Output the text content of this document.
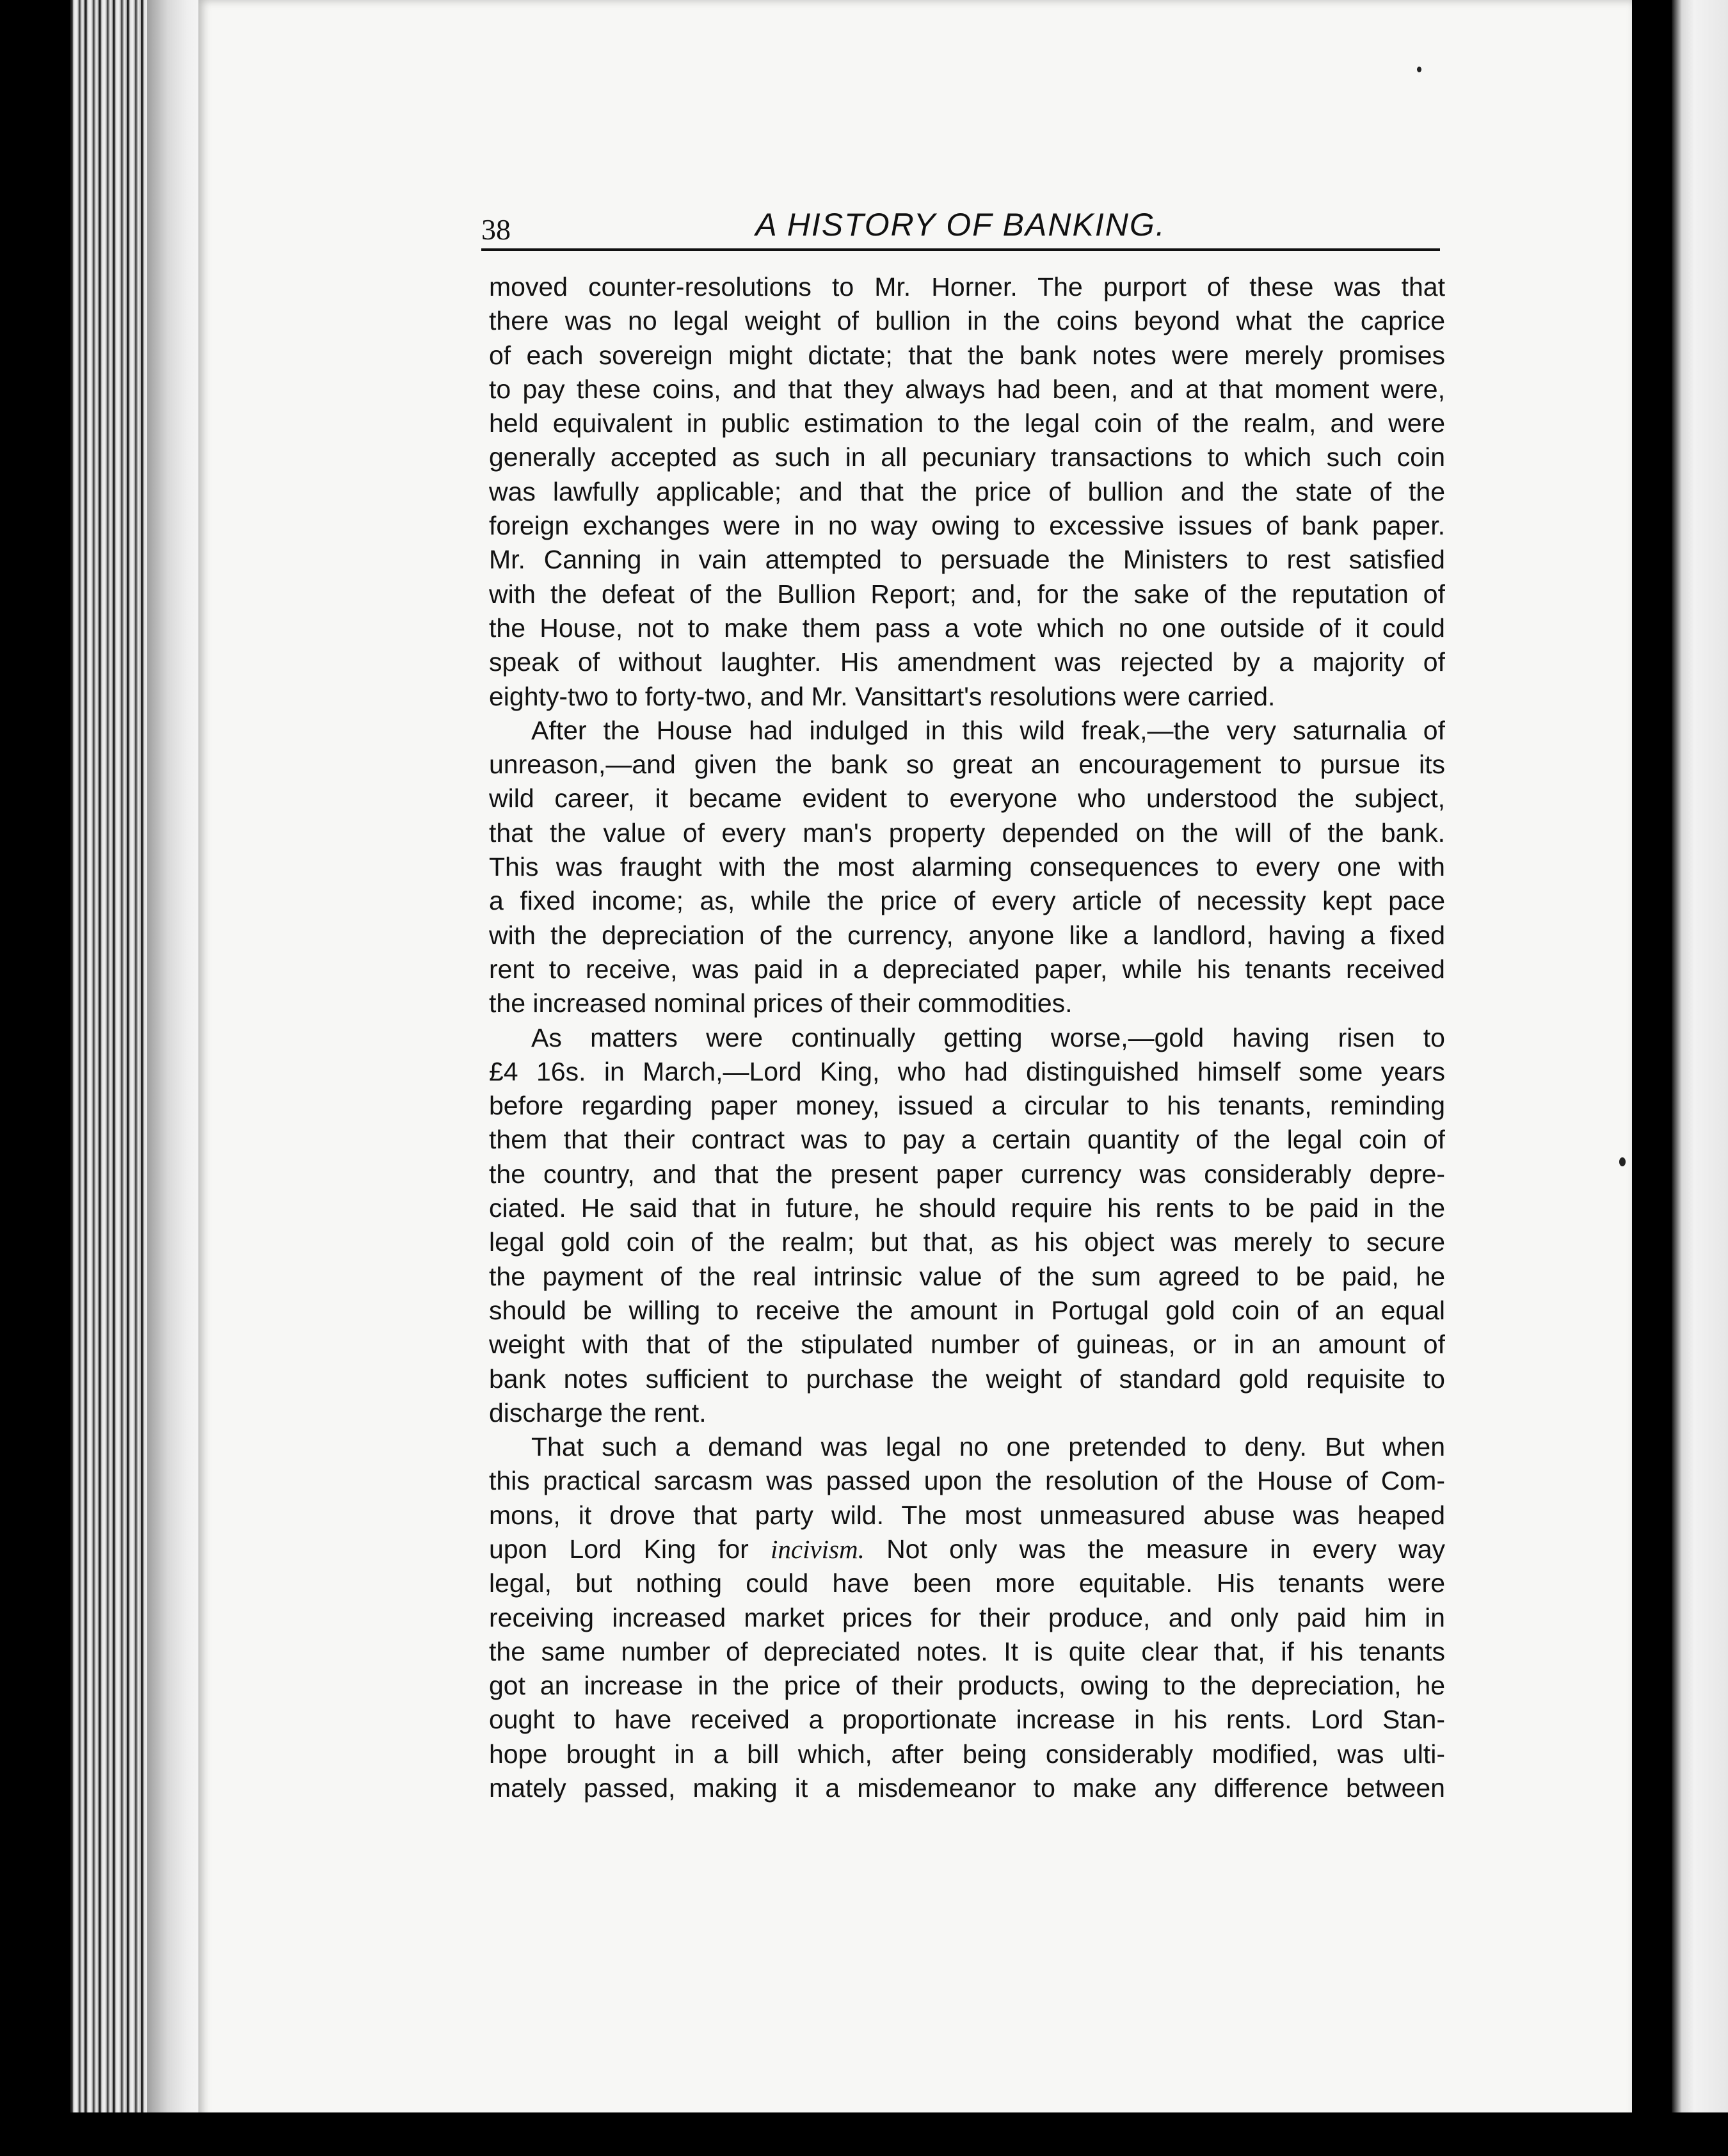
38	A HISTORY OF BANKING.
moved counter-resolutions to Mr. Horner. The purport of these was that
there was no legal weight of bullion in the coins beyond what the caprice
of each sovereign might dictate; that the bank notes were merely promises
to pay these coins, and that they always had been, and at that moment were,
held equivalent in public estimation to the legal coin of the realm, and were
generally accepted as such in all pecuniary transactions to which such coin
was lawfully applicable; and that the price of bullion and the state of the
foreign exchanges were in no way owing to excessive issues of bank paper.
Mr. Canning in vain attempted to persuade the Ministers to rest satisfied
with the defeat of the Bullion Report; and, for the sake of the reputation of
the House, not to make them pass a vote which no one outside of it could
speak of without laughter. His amendment was rejected by a majority of
eighty-two to forty-two, and Mr. Vansittart's resolutions were carried.
After the House had indulged in this wild freak,—the very saturnalia of
unreason,—and given the bank so great an encouragement to pursue its
wild career, it became evident to everyone who understood the subject,
that the value of every man's property depended on the will of the bank.
This was fraught with the most alarming consequences to every one with
a fixed income; as, while the price of every article of necessity kept pace
with the depreciation of the currency, anyone like a landlord, having a fixed
rent to receive, was paid in a depreciated paper, while his tenants received
the increased nominal prices of their commodities.
As matters were continually getting worse,—gold having risen to
£4 16s. in March,—Lord King, who had distinguished himself some years
before regarding paper money, issued a circular to his tenants, reminding
them that their contract was to pay a certain quantity of the legal coin of
the country, and that the present paper currency was considerably depre-
ciated. He said that in future, he should require his rents to be paid in the
legal gold coin of the realm; but that, as his object was merely to secure
the payment of the real intrinsic value of the sum agreed to be paid, he
should be willing to receive the amount in Portugal gold coin of an equal
weight with that of the stipulated number of guineas, or in an amount of
bank notes sufficient to purchase the weight of standard gold requisite to
discharge the rent.
That such a demand was legal no one pretended to deny. But when
this practical sarcasm was passed upon the resolution of the House of Com-
mons, it drove that party wild. The most unmeasured abuse was heaped
upon Lord King for incivism. Not only was the measure in every way
legal, but nothing could have been more equitable. His tenants were
receiving increased market prices for their produce, and only paid him in
the same number of depreciated notes. It is quite clear that, if his tenants
got an increase in the price of their products, owing to the depreciation, he
ought to have received a proportionate increase in his rents. Lord Stan-
hope brought in a bill which, after being considerably modified, was ulti-
mately passed, making it a misdemeanor to make any difference between
